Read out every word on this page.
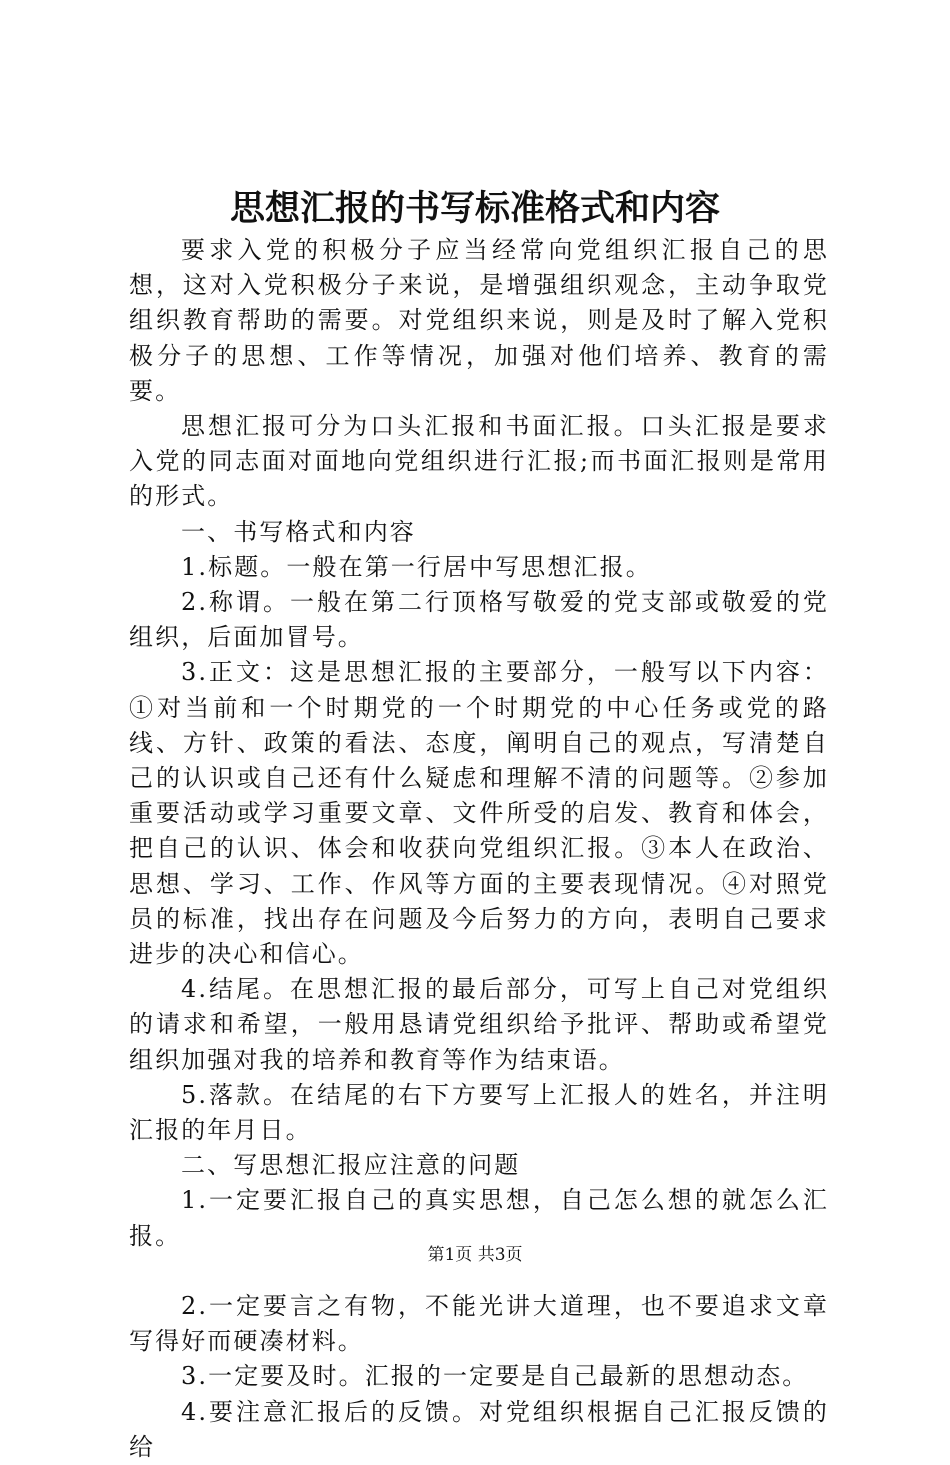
思想汇报的书写标准格式和内容

要求入党的积极分子应当经常向党组织汇报自己的思想，这对入党积极分子来说，是增强组织观念，主动争取党组织教育帮助的需要。对党组织来说，则是及时了解入党积极分子的思想、工作等情况，加强对他们培养、教育的需要。

思想汇报可分为口头汇报和书面汇报。口头汇报是要求入党的同志面对面地向党组织进行汇报;而书面汇报则是常用的形式。

一、书写格式和内容

1.标题。一般在第一行居中写思想汇报。

2.称谓。一般在第二行顶格写敬爱的党支部或敬爱的党组织，后面加冒号。

3.正文：这是思想汇报的主要部分，一般写以下内容：①对当前和一个时期党的一个时期党的中心任务或党的路线、方针、政策的看法、态度，阐明自己的观点，写清楚自己的认识或自己还有什么疑虑和理解不清的问题等。②参加重要活动或学习重要文章、文件所受的启发、教育和体会，把自己的认识、体会和收获向党组织汇报。③本人在政治、思想、学习、工作、作风等方面的主要表现情况。④对照党员的标准，找出存在问题及今后努力的方向，表明自己要求进步的决心和信心。

4.结尾。在思想汇报的最后部分，可写上自己对党组织的请求和希望，一般用恳请党组织给予批评、帮助或希望党组织加强对我的培养和教育等作为结束语。

5.落款。在结尾的右下方要写上汇报人的姓名，并注明汇报的年月日。

二、写思想汇报应注意的问题

1.一定要汇报自己的真实思想，自己怎么想的就怎么汇报。

2.一定要言之有物，不能光讲大道理，也不要追求文章写得好而硬凑材料。

3.一定要及时。汇报的一定要是自己最新的思想动态。

4.要注意汇报后的反馈。对党组织根据自己汇报反馈的给

第1页 共3页
